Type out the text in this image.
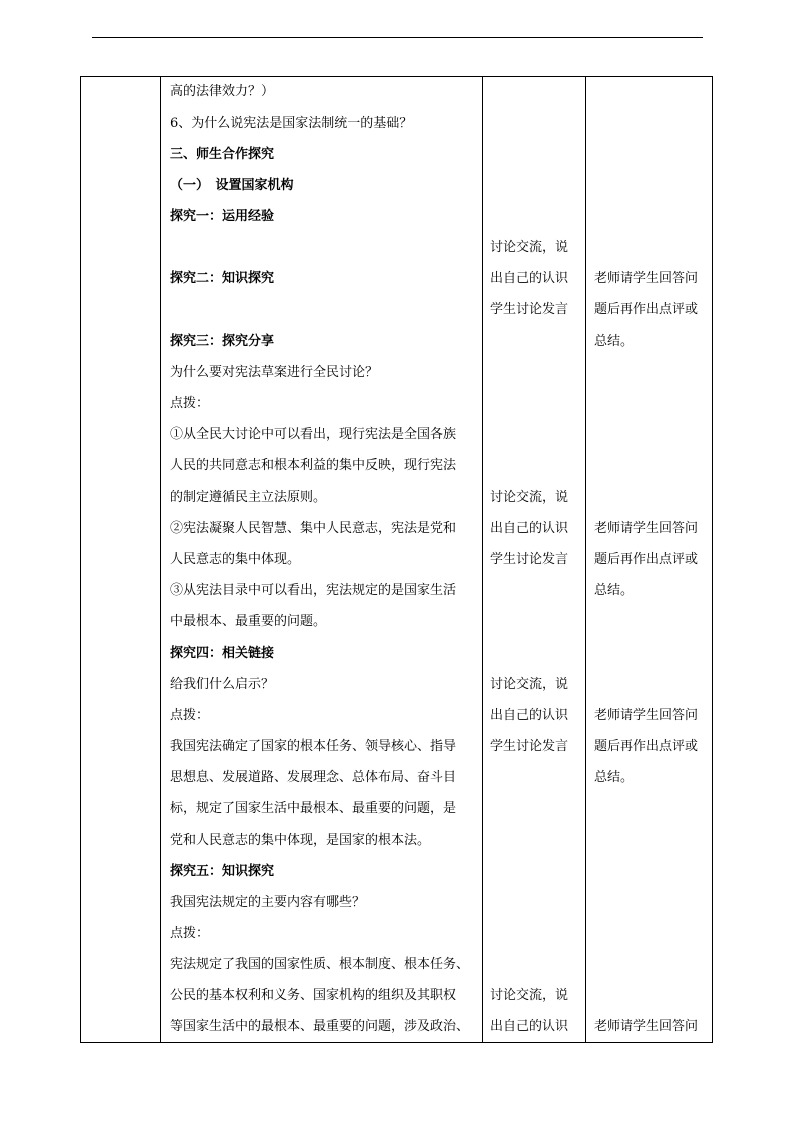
高的法律效力？）
6、为什么说宪法是国家法制统一的基础？
三、师生合作探究
（一）　设置国家机构
探究一：运用经验
探究二：知识探究
探究三：探究分享
为什么要对宪法草案进行全民讨论？
点拨：
①从全民大讨论中可以看出，现行宪法是全国各族
人民的共同意志和根本利益的集中反映，现行宪法
的制定遵循民主立法原则。
②宪法凝聚人民智慧、集中人民意志，宪法是党和
人民意志的集中体现。
③从宪法目录中可以看出，宪法规定的是国家生活
中最根本、最重要的问题。
探究四：相关链接
给我们什么启示？
点拨：
我国宪法确定了国家的根本任务、领导核心、指导
思想息、发展道路、发展理念、总体布局、奋斗目
标，规定了国家生活中最根本、最重要的问题，是
党和人民意志的集中体现，是国家的根本法。
探究五：知识探究
我国宪法规定的主要内容有哪些？
点拨：
宪法规定了我国的国家性质、根本制度、根本任务、
公民的基本权利和义务、国家机构的组织及其职权
等国家生活中的最根本、最重要的问题，涉及政治、
讨论交流，说
出自己的认识
学生讨论发言
讨论交流，说
出自己的认识
学生讨论发言
讨论交流，说
出自己的认识
学生讨论发言
讨论交流，说
出自己的认识
老师请学生回答问
题后再作出点评或
总结。
老师请学生回答问
题后再作出点评或
总结。
老师请学生回答问
题后再作出点评或
总结。
老师请学生回答问
